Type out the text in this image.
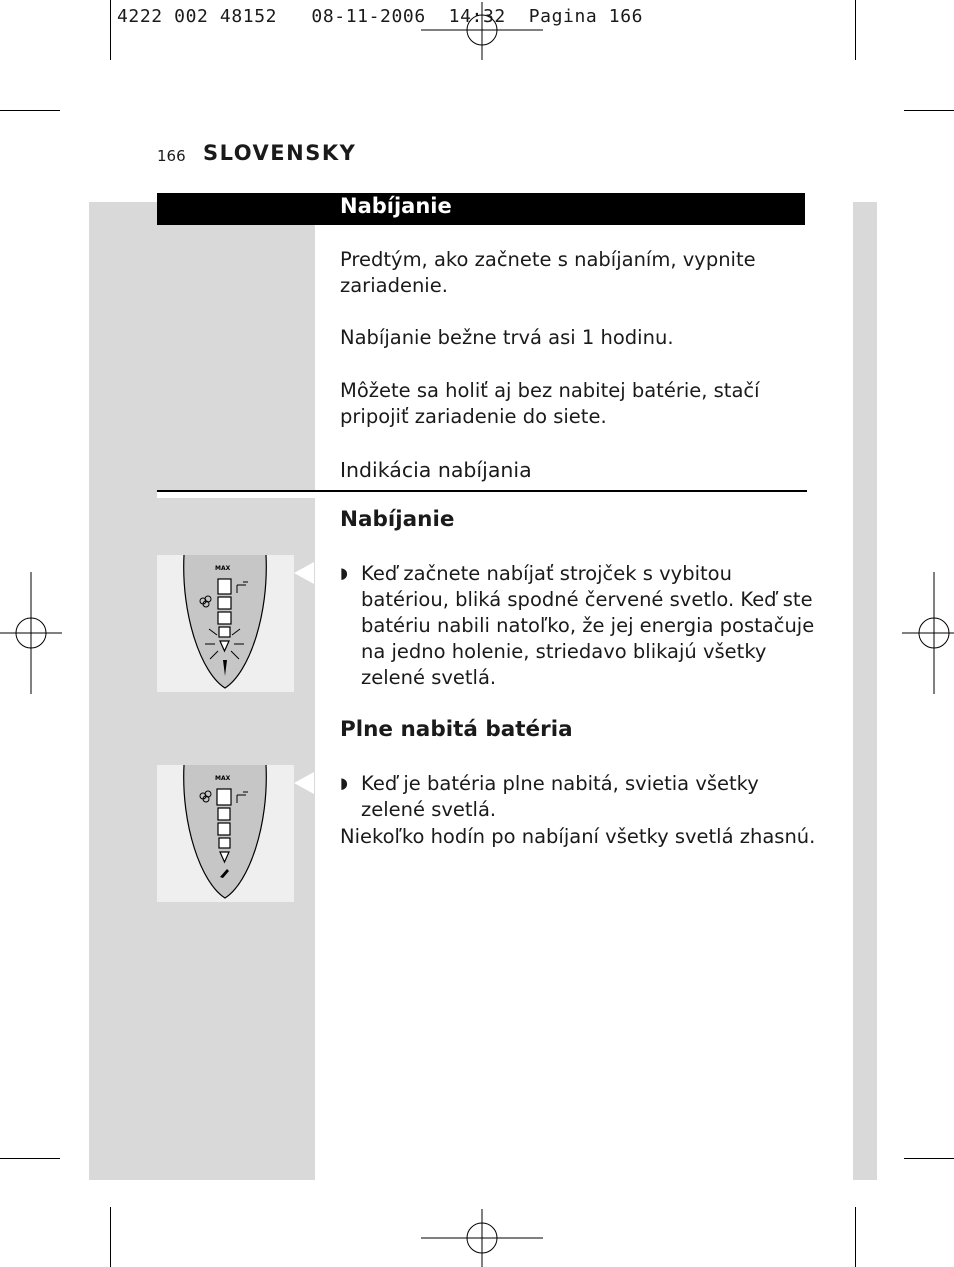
4222 002 48152   08-11-2006  14:32  Pagina 166
166 SLOVENSKY
Nabíjanie
Predtým, ako začnete s nabíjaním, vypnite
zariadenie.
Nabíjanie bežne trvá asi 1 hodinu.
Môžete sa holiť aj bez nabitej batérie, stačí
pripojiť zariadenie do siete.
Indikácia nabíjania
MAX
Nabíjanie
◗ Keď začnete nabíjať strojček s vybitou
batériou, bliká spodné červené svetlo. Keď ste
batériu nabili natoľko, že jej energia postačuje
na jedno holenie, striedavo blikajú všetky
zelené svetlá.
MAX
Plne nabitá batéria
◗ Keď je batéria plne nabitá, svietia všetky
zelené svetlá.
Niekoľko hodín po nabíjaní všetky svetlá zhasnú.
